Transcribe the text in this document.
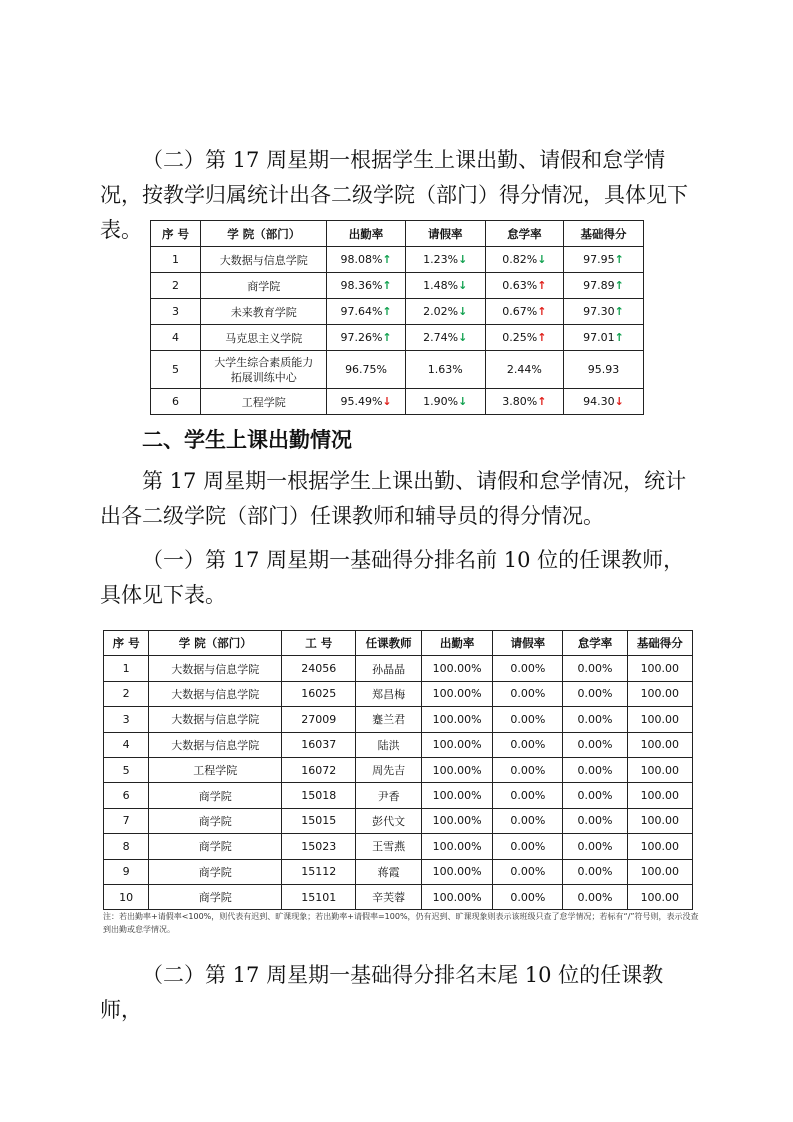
（二）第 17 周星期一根据学生上课出勤、请假和怠学情况，按教学归属统计出各二级学院（部门）得分情况，具体见下表。	序 号	学 院（部门）	出勤率	请假率	怠学率	基础得分
1	大数据与信息学院	98.08%↑	1.23%↓	0.82%↓	97.95↑
2	商学院	98.36%↑	1.48%↓	0.63%↑	97.89↑
3	未来教育学院	97.64%↑	2.02%↓	0.67%↑	97.30↑
4	马克思主义学院	97.26%↑	2.74%↓	0.25%↑	97.01↑
5	大学生综合素质能力
拓展训练中心	96.75%	1.63%	2.44%	95.93
6	工程学院	95.49%↓	1.90%↓	3.80%↑	94.30↓

二、学生上课出勤情况

第 17 周星期一根据学生上课出勤、请假和怠学情况，统计出各二级学院（部门）任课教师和辅导员的得分情况。

（一）第 17 周星期一基础得分排名前 10 位的任课教师，具体见下表。

序 号	学 院（部门）	工 号	任课教师	出勤率	请假率	怠学率	基础得分
1	大数据与信息学院	24056	孙晶晶	100.00%	0.00%	0.00%	100.00
2	大数据与信息学院	16025	郑昌梅	100.00%	0.00%	0.00%	100.00
3	大数据与信息学院	27009	蹇兰君	100.00%	0.00%	0.00%	100.00
4	大数据与信息学院	16037	陆洪	100.00%	0.00%	0.00%	100.00
5	工程学院	16072	周先吉	100.00%	0.00%	0.00%	100.00
6	商学院	15018	尹香	100.00%	0.00%	0.00%	100.00
7	商学院	15015	彭代文	100.00%	0.00%	0.00%	100.00
8	商学院	15023	王雪燕	100.00%	0.00%	0.00%	100.00
9	商学院	15112	蒋霞	100.00%	0.00%	0.00%	100.00
10	商学院	15101	辛芙蓉	100.00%	0.00%	0.00%	100.00

注：若出勤率+请假率<100%，则代表有迟到、旷课现象；若出勤率+请假率=100%，仍有迟到、旷课现象则表示该班级只查了怠学情况；若标有“/”符号则，表示没查到出勤或怠学情况。

（二）第 17 周星期一基础得分排名末尾 10 位的任课教师，
